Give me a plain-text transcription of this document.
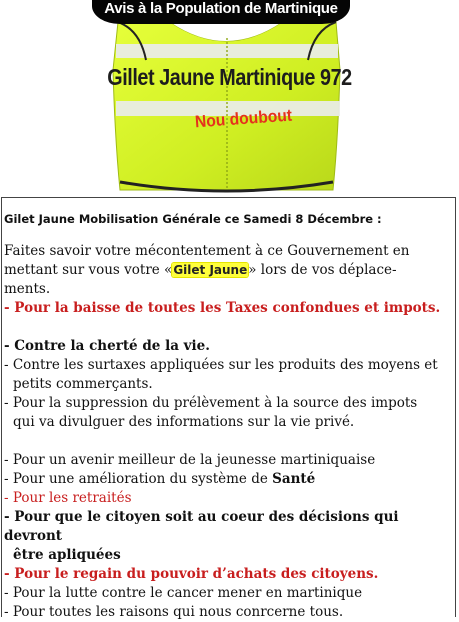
Avis à la Population de Martinique
Gillet Jaune Martinique 972
Nou doubout

Gilet Jaune Mobilisation Générale ce Samedi 8 Décembre :

Faites savoir votre mécontentement à ce Gouvernement en

mettant sur vous votre «Gilet Jaune» lors de vos déplace-

ments.

- Pour la baisse de toutes les Taxes confondues et impots.

- Contre la cherté de la vie.

- Contre les surtaxes appliquées sur les produits des moyens et

petits commerçants.

- Pour la suppression du prélèvement à la source des impots

qui va divulguer des informations sur la vie privé.

- Pour un avenir meilleur de la jeunesse martiniquaise

- Pour une amélioration du système de Santé

- Pour les retraités

- Pour que le citoyen soit au coeur des décisions qui devront

être apliquées

- Pour le regain du pouvoir d’achats des citoyens.

- Pour la lutte contre le cancer mener en martinique

- Pour toutes les raisons qui nous conrcerne tous.
